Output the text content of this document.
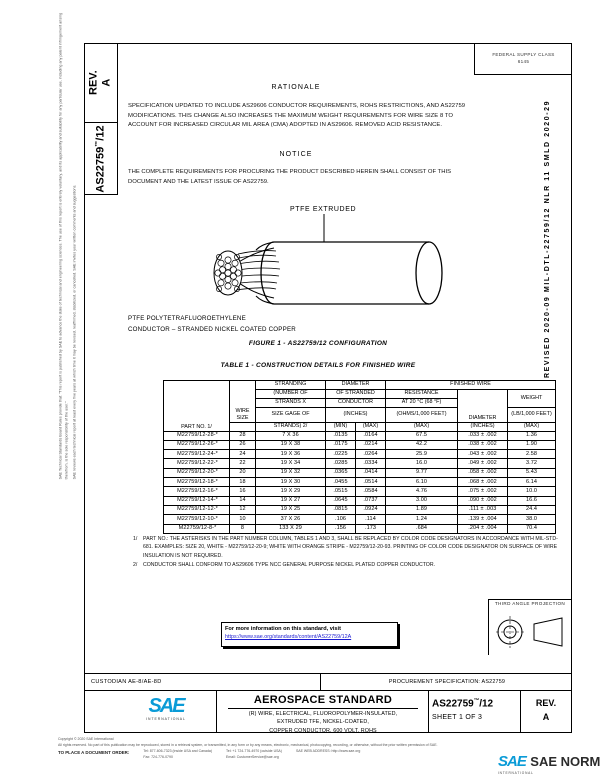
SAE Technical Standards Board Rules provide that: "This report is published by SAE to advance the state of technical and engineering sciences. The use of this report is entirely voluntary, and its applicability and suitability for any particular use, including any patent infringement arising therefrom, is the sole responsibility of the user."	SAE reviews each technical report at least every five years at which time it may be revised, reaffirmed, stabilized, or cancelled. SAE invites your written comments and suggestions.	REVISED 2020-09 MIL-DTL-22759/12 NLR 11 SMLD 2020-29
REV.
A
AS22759™/12
FEDERAL SUPPLY CLASS
6145
RATIONALE
SPECIFICATION UPDATED TO INCLUDE AS29606 CONDUCTOR REQUIREMENTS, ROHS RESTRICTIONS, AND AS22759 MODIFICATIONS. THIS CHANGE ALSO INCREASES THE MAXIMUM WEIGHT REQUIREMENTS FOR WIRE SIZE 8 TO ACCOUNT FOR INCREASED CIRCULAR MIL AREA (CMA) ADOPTED IN AS29606. REMOVED ACID RESISTANCE.
NOTICE
THE COMPLETE REQUIREMENTS FOR PROCURING THE PRODUCT DESCRIBED HEREIN SHALL CONSIST OF THIS DOCUMENT AND THE LATEST ISSUE OF AS22759.
PTFE EXTRUDED
PTFE POLYTETRAFLUOROETHYLENE
CONDUCTOR – STRANDED NICKEL COATED COPPER
FIGURE 1 - AS22759/12 CONFIGURATION
TABLE 1 - CONSTRUCTION DETAILS FOR FINISHED WIRE
PART NO. 1/		STRANDING	DIAMETER		FINISHED WIRE		
		(NUMBER OF	OF STRANDED		RESISTANCE	DIAMETER	WEIGHT
		STRANDS X	CONDUCTOR		AT 20 °C (68 °F)		
	WIRE SIZE	SIZE GAGE OF	(INCHES)		(OHMS/1,000 FEET)		(LB/1,000 FEET)
		STRANDS) 2/	(MIN)	(MAX)	(MAX)	(INCHES)	(MAX)
M22759/12-28-*	28	7 X 36	.0135	.0164	67.5	.033 ± .002	1.36
M22759/12-26-*	26	19 X 38	.0175	.0214	42.2	.038 ± .002	1.90
M22759/12-24-*	24	19 X 36	.0225	.0264	25.9	.043 ± .002	2.58
M22759/12-22-*	22	19 X 34	.0285	.0334	16.0	.049 ± .002	3.72
M22759/12-20-*	20	19 X 32	.0365	.0414	9.77	.058 ± .002	5.43
M22759/12-18-*	18	19 X 30	.0455	.0514	6.10	.068 ± .002	6.14
M22759/12-16-*	16	19 X 29	.0515	.0584	4.76	.075 ± .002	10.0
M22759/12-14-*	14	19 X 27	.0645	.0737	3.00	.090 ± .002	16.6
M22759/12-12-*	12	19 X 25	.0815	.0924	1.89	.111 ± .003	24.4
M22759/12-10-*	10	37 X 26	.106	.114	1.24	.139 ± .004	38.0
M22759/12-8-*	8	133 X 29	.156	.173	.684	.204 ± .004	70.4
1/	PART NO.: THE ASTERISKS IN THE PART NUMBER COLUMN, TABLES 1 AND 3, SHALL BE REPLACED BY COLOR CODE DESIGNATORS IN ACCORDANCE WITH MIL-STD-681. EXAMPLES: SIZE 20, WHITE - M22759/12-20-9; WHITE WITH ORANGE STRIPE - M22759/12-20-93. PRINTING OF COLOR CODE DESIGNATOR ON SURFACE OF WIRE INSULATION IS NOT REQUIRED.
2/	CONDUCTOR SHALL CONFORM TO AS29606 TYPE NCC GENERAL PURPOSE NICKEL PLATED COPPER CONDUCTOR.
For more information on this standard, visit
https://www.sae.org/standards/content/AS22759/12A
THIRD ANGLE PROJECTION
CUSTODIAN AE-8/AE-8D	PROCUREMENT SPECIFICATION: AS22759
SAE
INTERNATIONAL
AEROSPACE STANDARD
(R) WIRE, ELECTRICAL, FLUOROPOLYMER-INSULATED,
EXTRUDED TFE, NICKEL-COATED,
COPPER CONDUCTOR, 600 VOLT, ROHS
AS22759™/12
SHEET 1 OF 3
REV.
A
Copyright © 2020 SAE International
All rights reserved. No part of this publication may be reproduced, stored in a retrieval system, or transmitted, in any form or by any means, electronic, mechanical, photocopying, recording, or otherwise, without the prior written permission of SAE.
TO PLACE A DOCUMENT ORDER:	Tel: 877-606-7323 (inside USA and Canada)
Fax: 724-776-0790
Tel: +1 724-776-4970 (outside USA)
Email: CustomerService@sae.org
SAE WEB ADDRESS: http://www.sae.org
SAE SAE NORM
INTERNATIONAL
